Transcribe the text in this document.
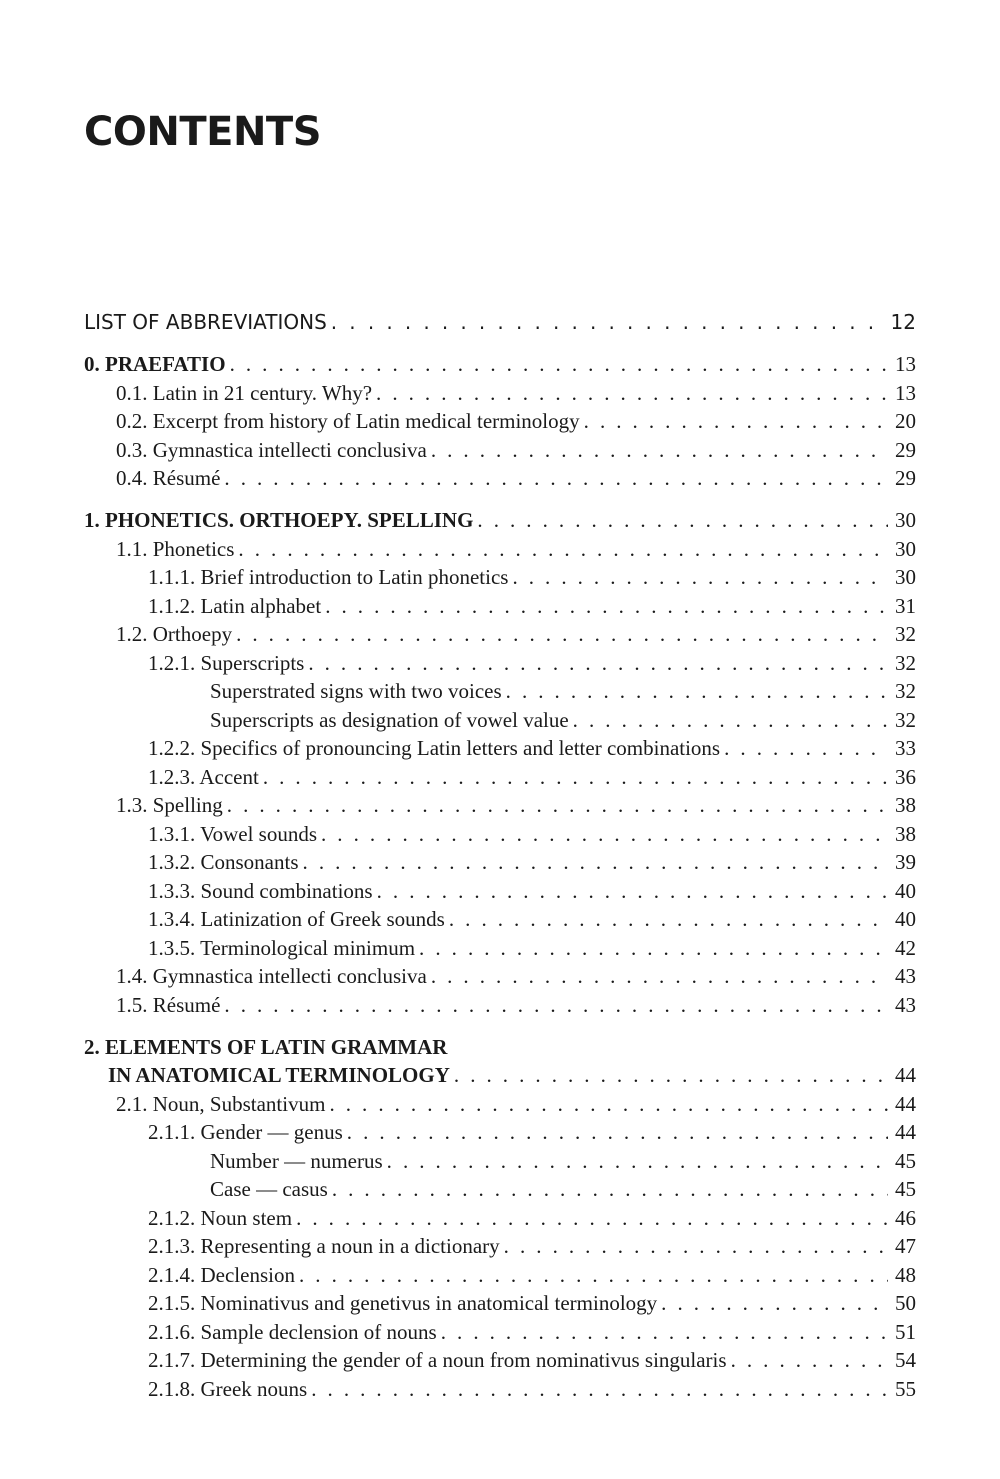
CONTENTS
LIST OF ABBREVIATIONS . . .	12
0. PRAEFATIO . . .	13
0.1. Latin in 21 century. Why? . . .	13
0.2. Excerpt from history of Latin medical terminology . . .	20
0.3. Gymnastica intellecti conclusiva . . .	29
0.4. Résumé . . .	29
1. PHONETICS. ORTHOEPY. SPELLING . . .	30
1.1. Phonetics . . .	30
1.1.1. Brief introduction to Latin phonetics . . .	30
1.1.2. Latin alphabet . . .	31
1.2. Orthoepy . . .	32
1.2.1. Superscripts . . .	32
Superstrated signs with two voices . . .	32
Superscripts as designation of vowel value . . .	32
1.2.2. Specifics of pronouncing Latin letters and letter combinations . . .	33
1.2.3. Accent . . .	36
1.3. Spelling . . .	38
1.3.1. Vowel sounds . . .	38
1.3.2. Consonants . . .	39
1.3.3. Sound combinations . . .	40
1.3.4. Latinization of Greek sounds . . .	40
1.3.5. Terminological minimum . . .	42
1.4. Gymnastica intellecti conclusiva . . .	43
1.5. Résumé . . .	43
2. ELEMENTS OF LATIN GRAMMAR
IN ANATOMICAL TERMINOLOGY . . .	44
2.1. Noun, Substantivum . . .	44
2.1.1. Gender — genus . . .	44
Number — numerus . . .	45
Case — casus . . .	45
2.1.2. Noun stem . . .	46
2.1.3. Representing a noun in a dictionary . . .	47
2.1.4. Declension . . .	48
2.1.5. Nominativus and genetivus in anatomical terminology . . .	50
2.1.6. Sample declension of nouns . . .	51
2.1.7. Determining the gender of a noun from nominativus singularis . . .	54
2.1.8. Greek nouns . . .	55
